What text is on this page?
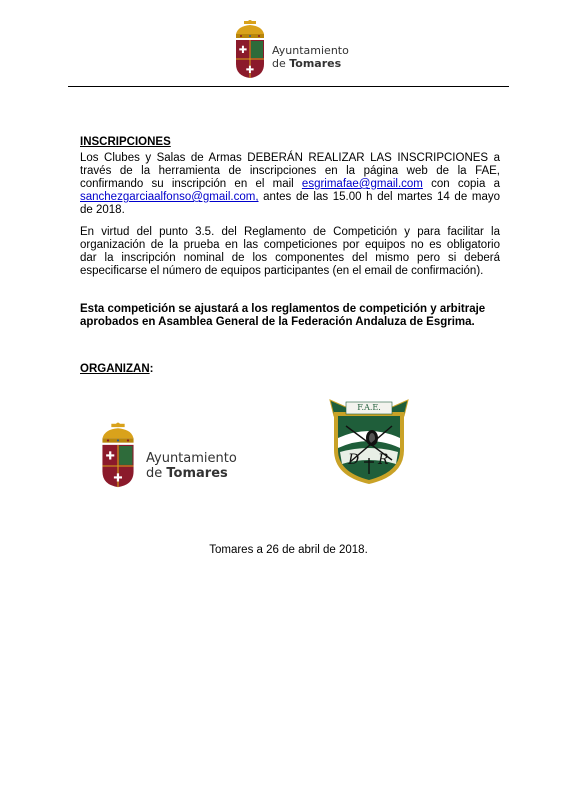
✚
✚
Ayuntamiento
de Tomares
INSCRIPCIONES
Los Clubes y Salas de Armas DEBERÁN REALIZAR LAS INSCRIPCIONES a
través de la herramienta de inscripciones en la página web de la FAE,
confirmando su inscripción en el mail esgrimafae@gmail.com con copia a
sanchezgarciaalfonso@gmail.com, antes de las 15.00 h del martes 14 de mayo
de 2018.
En virtud del punto 3.5. del Reglamento de Competición y para facilitar la
organización de la prueba en las competiciones por equipos no es obligatorio
dar la inscripción nominal de los componentes del mismo pero si deberá
especificarse el número de equipos participantes (en el email de confirmación).
Esta competición se ajustará a los reglamentos de competición y arbitraje
aprobados en Asamblea General de la Federación Andaluza de Esgrima.
ORGANIZAN:
✚
✚
Ayuntamiento
de Tomares
F.A.E.
D R
Tomares a 26 de abril de 2018.
